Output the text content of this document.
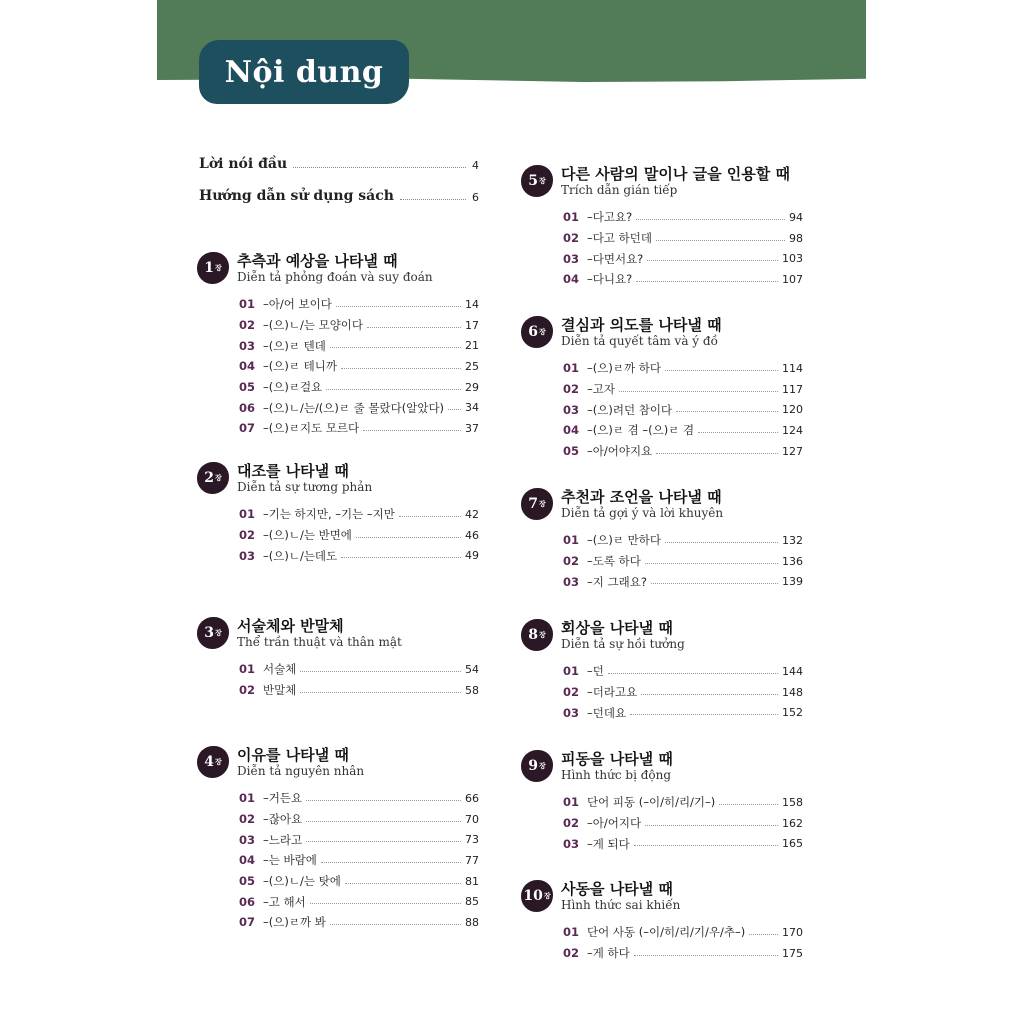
Nội dung
Lời nói đầu	4
Hướng dẫn sử dụng sách	6
1 장 추측과 예상을 나타낼 때
Diễn tả phỏng đoán và suy đoán
01 –아/어 보이다	14
02 –(으)ㄴ/는 모양이다	17
03 –(으)ㄹ 텐데	21
04 –(으)ㄹ 테니까	25
05 –(으)ㄹ걸요	29
06 –(으)ㄴ/는/(으)ㄹ 줄 몰랐다(알았다) 34
07 –(으)ㄹ지도 모르다	37
2 장 대조를 나타낼 때
Diễn tả sự tương phản
01 –기는 하지만, –기는 –지만	42
02 –(으)ㄴ/는 반면에	46
03 –(으)ㄴ/는데도	49
3 장 서술체와 반말체
Thể trần thuật và thân mật
01 서술체	54
02 반말체	58
4 장 이유를 나타낼 때
Diễn tả nguyên nhân
01 –거든요	66
02 –잖아요	70
03 –느라고	73
04 –는 바람에	77
05 –(으)ㄴ/는 탓에	81
06 –고 해서	85
07 –(으)ㄹ까 봐	88
5 장 다른 사람의 말이나 글을 인용할 때
Trích dẫn gián tiếp
01 –다고요?	94
02 –다고 하던데	98
03 –다면서요?	103
04 –다니요?	107
6 장 결심과 의도를 나타낼 때
Diễn tả quyết tâm và ý đồ
01 –(으)ㄹ까 하다	114
02 –고자	117
03 –(으)려던 참이다	120
04 –(으)ㄹ 겸 –(으)ㄹ 겸	124
05 –아/어야지요	127
7 장 추천과 조언을 나타낼 때
Diễn tả gợi ý và lời khuyên
01 –(으)ㄹ 만하다	132
02 –도록 하다	136
03 –지 그래요?	139
8 장 회상을 나타낼 때
Diễn tả sự hồi tưởng
01 –던	144
02 –더라고요	148
03 –던데요	152
9 장 피동을 나타낼 때
Hình thức bị động
01 단어 피동 (–이/히/리/기–)	158
02 –아/어지다	162
03 –게 되다	165
10 장 사동을 나타낼 때
Hình thức sai khiến
01 단어 사동 (–이/히/리/기/우/추–)	170
02 –게 하다	175
